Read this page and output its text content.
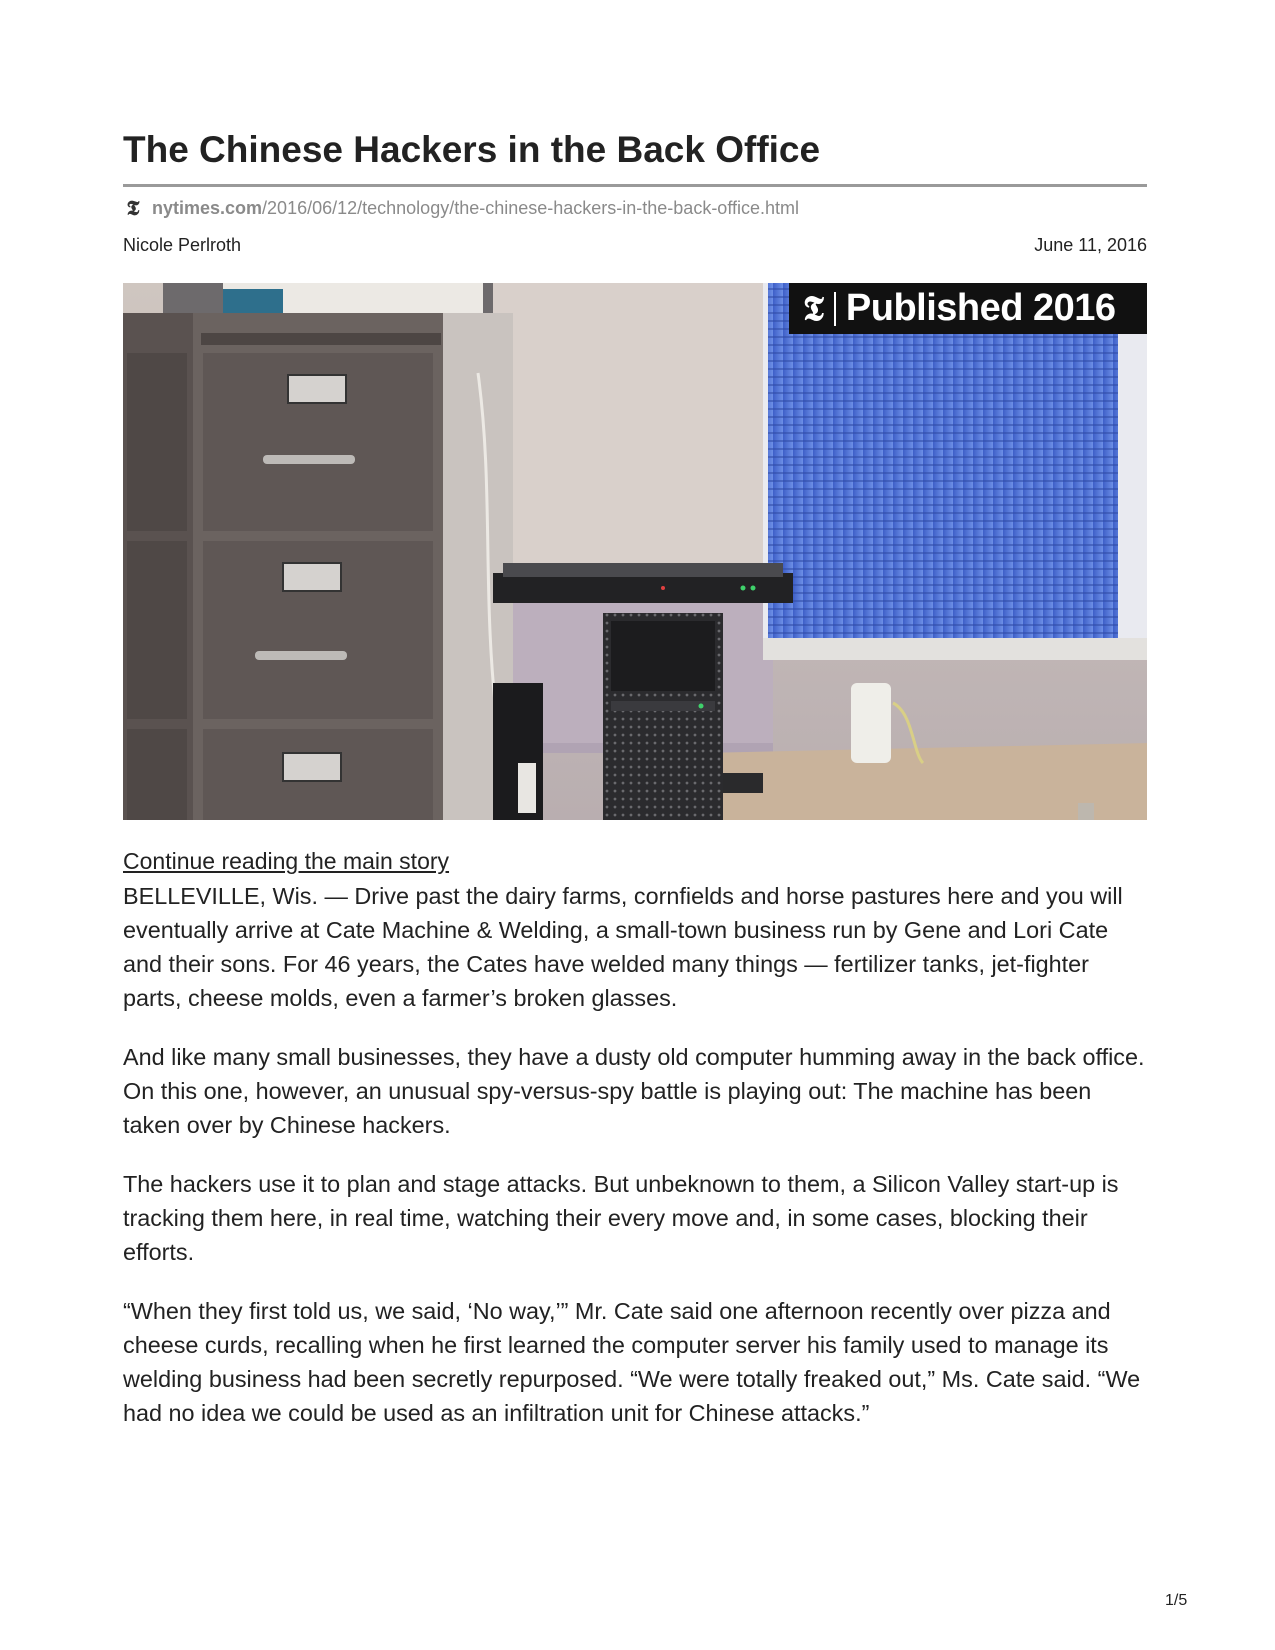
The Chinese Hackers in the Back Office
𝕿 nytimes.com /2016/06/12/technology/the-chinese-hackers-in-the-back-office.html
Nicole Perlroth	June 11, 2016
𝕿 Published 2016
Continue reading the main story

BELLEVILLE, Wis. — Drive past the dairy farms, cornfields and horse pastures here and you will eventually arrive at Cate Machine & Welding, a small-town business run by Gene and Lori Cate and their sons. For 46 years, the Cates have welded many things — fertilizer tanks, jet-fighter parts, cheese molds, even a farmer’s broken glasses.

And like many small businesses, they have a dusty old computer humming away in the back office. On this one, however, an unusual spy-versus-spy battle is playing out: The machine has been taken over by Chinese hackers.

The hackers use it to plan and stage attacks. But unbeknown to them, a Silicon Valley start-up is tracking them here, in real time, watching their every move and, in some cases, blocking their efforts.

“When they first told us, we said, ‘No way,’” Mr. Cate said one afternoon recently over pizza and cheese curds, recalling when he first learned the computer server his family used to manage its welding business had been secretly repurposed. “We were totally freaked out,” Ms. Cate said. “We had no idea we could be used as an infiltration unit for Chinese attacks.”

1/5
